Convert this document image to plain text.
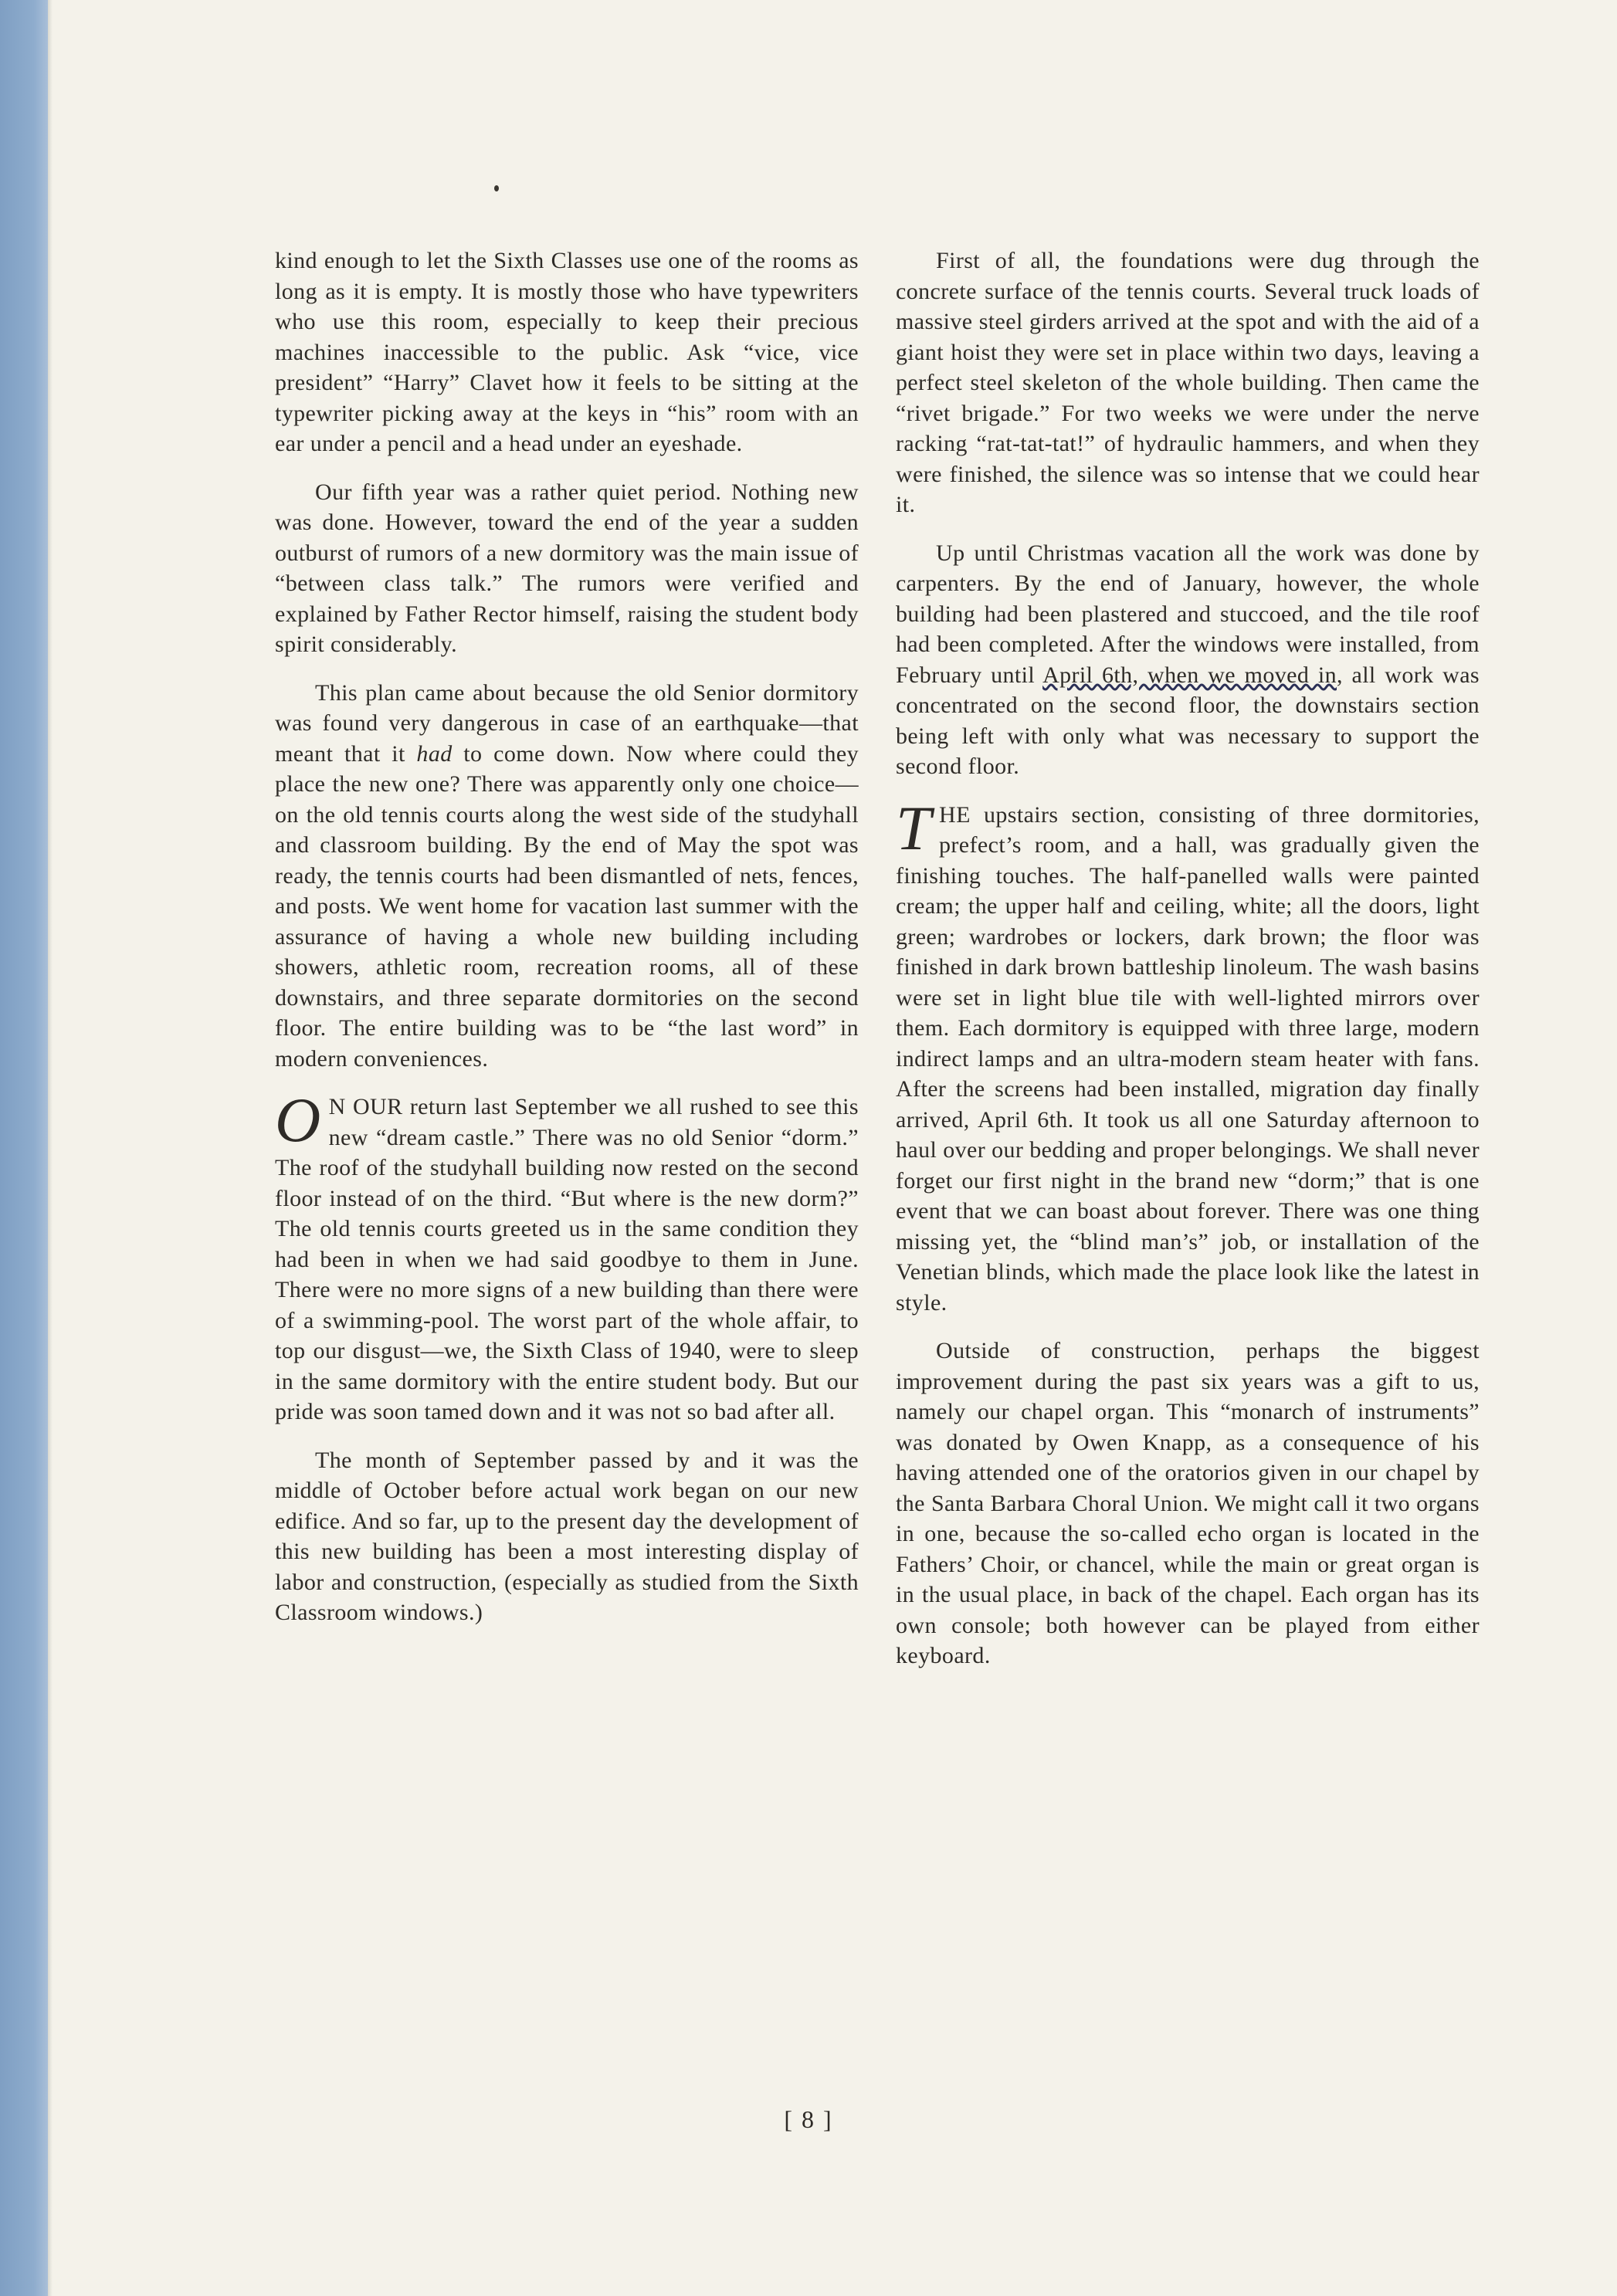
kind enough to let the Sixth Classes use one of the rooms as long as it is empty. It is mostly those who have typewriters who use this room, especially to keep their precious machines inaccessible to the public. Ask “vice, vice president” “Harry” Clavet how it feels to be sitting at the typewriter picking away at the keys in “his” room with an ear under a pencil and a head under an eyeshade.

Our fifth year was a rather quiet period. Nothing new was done. However, toward the end of the year a sudden outburst of rumors of a new dormitory was the main issue of “between class talk.” The rumors were verified and explained by Father Rector himself, raising the student body spirit considerably.

This plan came about because the old Senior dormitory was found very dangerous in case of an earthquake—that meant that it had to come down. Now where could they place the new one? There was apparently only one choice—on the old tennis courts along the west side of the studyhall and classroom building. By the end of May the spot was ready, the tennis courts had been dismantled of nets, fences, and posts. We went home for vacation last summer with the assurance of having a whole new building including showers, athletic room, recreation rooms, all of these downstairs, and three separate dormitories on the second floor. The entire building was to be “the last word” in modern conveniences.

O N OUR return last September we all rushed to see this new “dream castle.” There was no old Senior “dorm.” The roof of the studyhall building now rested on the second floor instead of on the third. “But where is the new dorm?” The old tennis courts greeted us in the same condition they had been in when we had said goodbye to them in June. There were no more signs of a new building than there were of a swimming-pool. The worst part of the whole affair, to top our disgust—we, the Sixth Class of 1940, were to sleep in the same dormitory with the entire student body. But our pride was soon tamed down and it was not so bad after all.

The month of September passed by and it was the middle of October before actual work began on our new edifice. And so far, up to the present day the development of this new building has been a most interesting display of labor and construction, (especially as studied from the Sixth Classroom windows.)

First of all, the foundations were dug through the concrete surface of the tennis courts. Several truck loads of massive steel girders arrived at the spot and with the aid of a giant hoist they were set in place within two days, leaving a perfect steel skeleton of the whole building. Then came the “rivet brigade.” For two weeks we were under the nerve racking “rat-tat-tat!” of hydraulic hammers, and when they were finished, the silence was so intense that we could hear it.

Up until Christmas vacation all the work was done by carpenters. By the end of January, however, the whole building had been plastered and stuccoed, and the tile roof had been completed. After the windows were installed, from February until April 6th, when we moved in, all work was concentrated on the second floor, the downstairs section being left with only what was necessary to support the second floor.

THE upstairs section, consisting of three dormitories, prefect’s room, and a hall, was gradually given the finishing touches. The half-panelled walls were painted cream; the upper half and ceiling, white; all the doors, light green; wardrobes or lockers, dark brown; the floor was finished in dark brown battleship linoleum. The wash basins were set in light blue tile with well-lighted mirrors over them. Each dormitory is equipped with three large, modern indirect lamps and an ultra-modern steam heater with fans. After the screens had been installed, migration day finally arrived, April 6th. It took us all one Saturday afternoon to haul over our bedding and proper belongings. We shall never forget our first night in the brand new “dorm;” that is one event that we can boast about forever. There was one thing missing yet, the “blind man’s” job, or installation of the Venetian blinds, which made the place look like the latest in style.

Outside of construction, perhaps the biggest improvement during the past six years was a gift to us, namely our chapel organ. This “monarch of instruments” was donated by Owen Knapp, as a consequence of his having attended one of the oratorios given in our chapel by the Santa Barbara Choral Union. We might call it two organs in one, because the so-called echo organ is located in the Fathers’ Choir, or chancel, while the main or great organ is in the usual place, in back of the chapel. Each organ has its own console; both however can be played from either keyboard.

[ 8 ]
